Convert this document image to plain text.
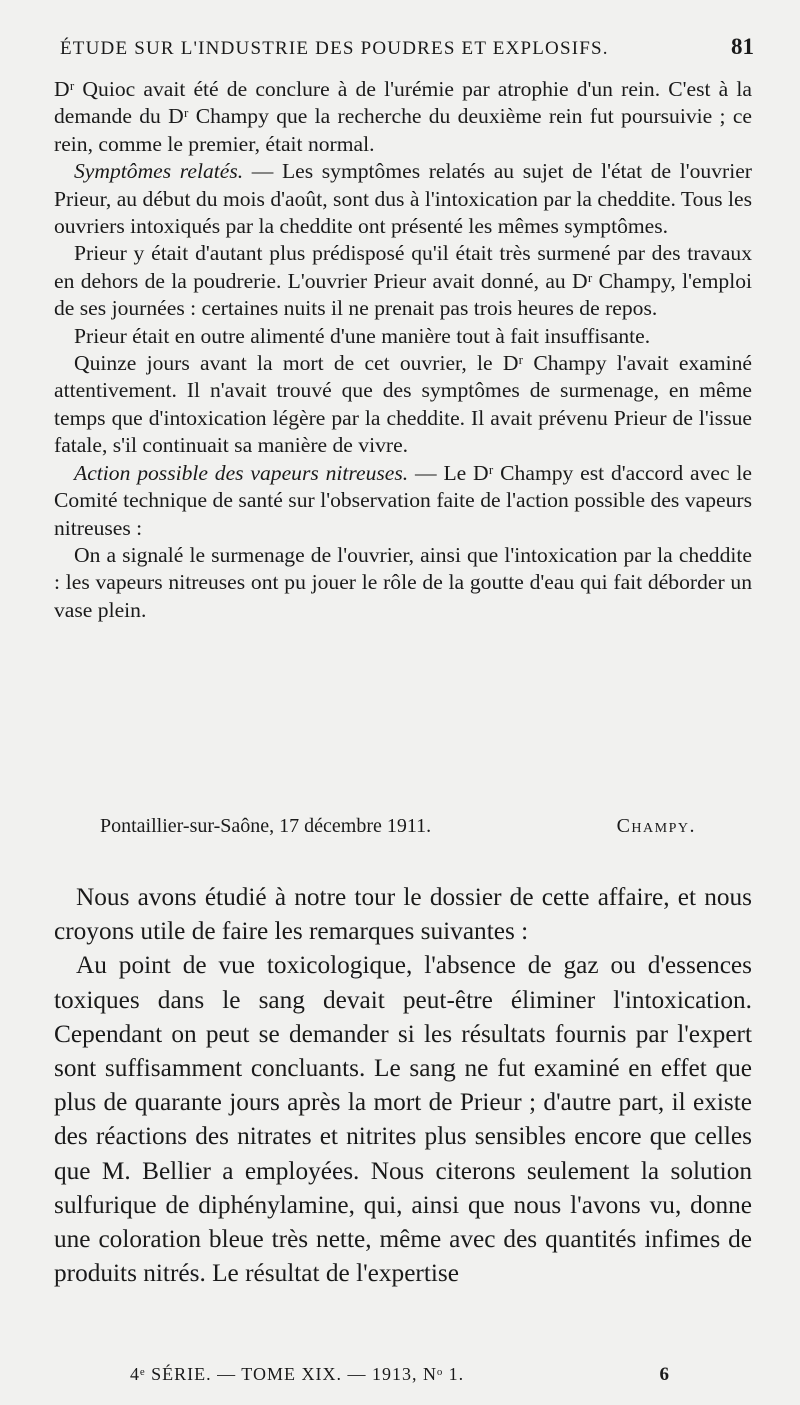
ÉTUDE SUR L'INDUSTRIE DES POUDRES ET EXPLOSIFS.	81

Dʳ Quioc avait été de conclure à de l'urémie par atrophie d'un rein. C'est à la demande du Dʳ Champy que la recherche du deuxième rein fut poursuivie ; ce rein, comme le premier, était normal.

Symptômes relatés. — Les symptômes relatés au sujet de l'état de l'ouvrier Prieur, au début du mois d'août, sont dus à l'intoxication par la cheddite. Tous les ouvriers intoxiqués par la cheddite ont présenté les mêmes symptômes.

Prieur y était d'autant plus prédisposé qu'il était très surmené par des travaux en dehors de la poudrerie. L'ouvrier Prieur avait donné, au Dʳ Champy, l'emploi de ses journées : certaines nuits il ne prenait pas trois heures de repos.

Prieur était en outre alimenté d'une manière tout à fait insuffisante.

Quinze jours avant la mort de cet ouvrier, le Dʳ Champy l'avait examiné attentivement. Il n'avait trouvé que des symptômes de surmenage, en même temps que d'intoxication légère par la cheddite. Il avait prévenu Prieur de l'issue fatale, s'il continuait sa manière de vivre.

Action possible des vapeurs nitreuses. — Le Dʳ Champy est d'accord avec le Comité technique de santé sur l'observation faite de l'action possible des vapeurs nitreuses :

On a signalé le surmenage de l'ouvrier, ainsi que l'intoxication par la cheddite : les vapeurs nitreuses ont pu jouer le rôle de la goutte d'eau qui fait déborder un vase plein.

Pontaillier-sur-Saône, 17 décembre 1911.	Champy.

Nous avons étudié à notre tour le dossier de cette affaire, et nous croyons utile de faire les remarques suivantes :

Au point de vue toxicologique, l'absence de gaz ou d'essences toxiques dans le sang devait peut-être éliminer l'intoxication. Cependant on peut se demander si les résultats fournis par l'expert sont suffisamment concluants. Le sang ne fut examiné en effet que plus de quarante jours après la mort de Prieur ; d'autre part, il existe des réactions des nitrates et nitrites plus sensibles encore que celles que M. Bellier a employées. Nous citerons seulement la solution sulfurique de diphénylamine, qui, ainsi que nous l'avons vu, donne une coloration bleue très nette, même avec des quantités infimes de produits nitrés. Le résultat de l'expertise

4ᵉ SÉRIE. — TOME XIX. — 1913, Nᵒ 1.	6
